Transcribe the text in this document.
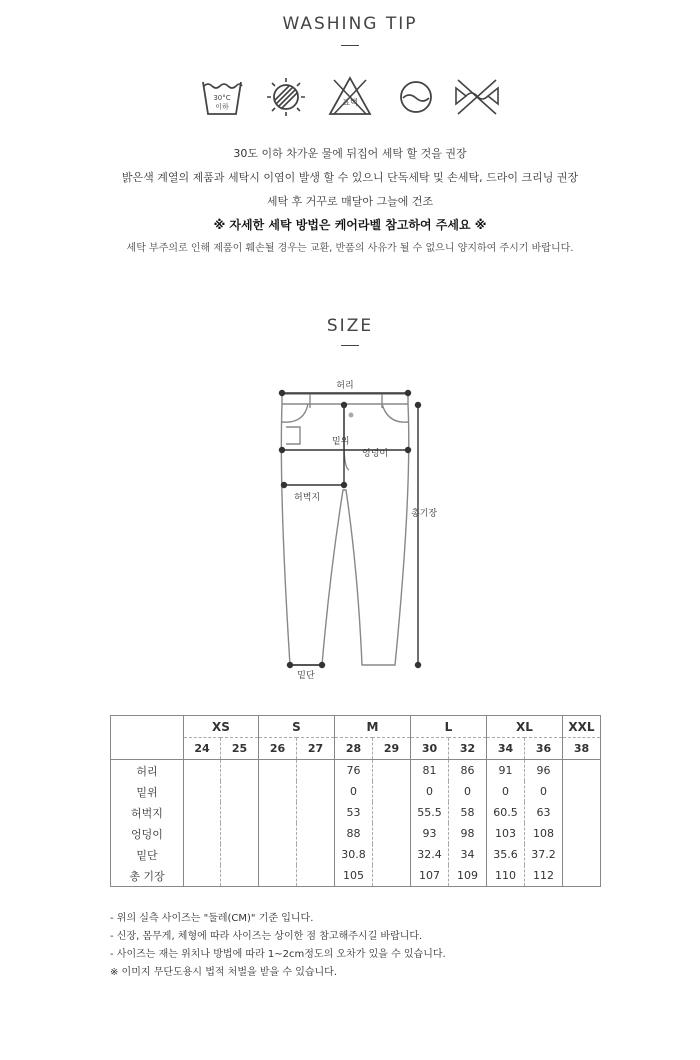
WASHING TIP
30°C
이하	표백
30도 이하 차가운 물에 뒤집어 세탁 할 것을 권장
밝은색 계열의 제품과 세탁시 이염이 발생 할 수 있으니 단독세탁 및 손세탁, 드라이 크리닝 권장
세탁 후 거꾸로 매달아 그늘에 건조
※ 자세한 세탁 방법은 케어라벨 참고하여 주세요 ※
세탁 부주의로 인해 제품이 훼손될 경우는 교환, 반품의 사유가 될 수 없으니 양지하여 주시기 바랍니다.
SIZE
허리
밑위
엉덩이
허벅지
밑단
총기장
	XS		S		M		L		XL		XXL
	24	25	26	27	28	29	30	32	34	36	38
허리					76		81	86	91	96	
밑위					0		0	0	0	0	
허벅지					53		55.5	58	60.5	63	
엉덩이					88		93	98	103	108	
밑단					30.8		32.4	34	35.6	37.2	
총 기장					105		107	109	110	112	
- 위의 실측 사이즈는 "둘레(CM)" 기준 입니다.
- 신장, 몸무게, 체형에 따라 사이즈는 상이한 점 참고해주시길 바랍니다.
- 사이즈는 재는 위치나 방법에 따라 1~2cm정도의 오차가 있을 수 있습니다.
※ 이미지 무단도용시 법적 처벌을 받을 수 있습니다.
